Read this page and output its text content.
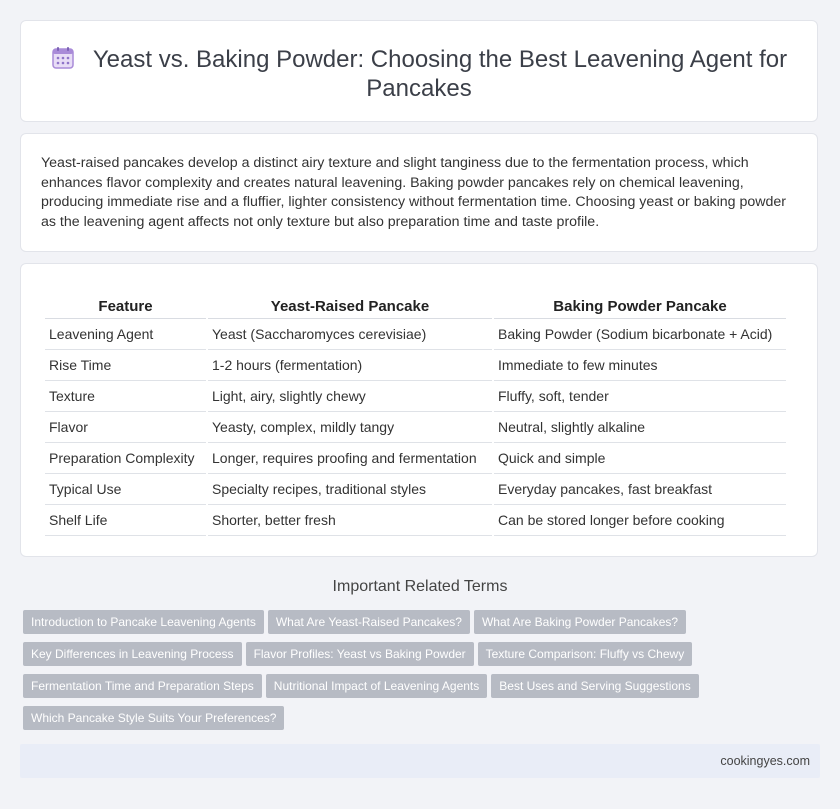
Yeast vs. Baking Powder: Choosing the Best Leavening Agent for Pancakes
Yeast-raised pancakes develop a distinct airy texture and slight tanginess due to the fermentation process, which enhances flavor complexity and creates natural leavening. Baking powder pancakes rely on chemical leavening, producing immediate rise and a fluffier, lighter consistency without fermentation time. Choosing yeast or baking powder as the leavening agent affects not only texture but also preparation time and taste profile.
Feature	Yeast-Raised Pancake	Baking Powder Pancake
Leavening Agent	Yeast (Saccharomyces cerevisiae)	Baking Powder (Sodium bicarbonate + Acid)
Rise Time	1-2 hours (fermentation)	Immediate to few minutes
Texture	Light, airy, slightly chewy	Fluffy, soft, tender
Flavor	Yeasty, complex, mildly tangy	Neutral, slightly alkaline
Preparation Complexity	Longer, requires proofing and fermentation	Quick and simple
Typical Use	Specialty recipes, traditional styles	Everyday pancakes, fast breakfast
Shelf Life	Shorter, better fresh	Can be stored longer before cooking
Important Related Terms
Introduction to Pancake Leavening Agents What Are Yeast-Raised Pancakes? What Are Baking Powder Pancakes?Key Differences in Leavening Process Flavor Profiles: Yeast vs Baking Powder Texture Comparison: Fluffy vs ChewyFermentation Time and Preparation Steps Nutritional Impact of Leavening Agents Best Uses and Serving SuggestionsWhich Pancake Style Suits Your Preferences?
cookingyes.com
